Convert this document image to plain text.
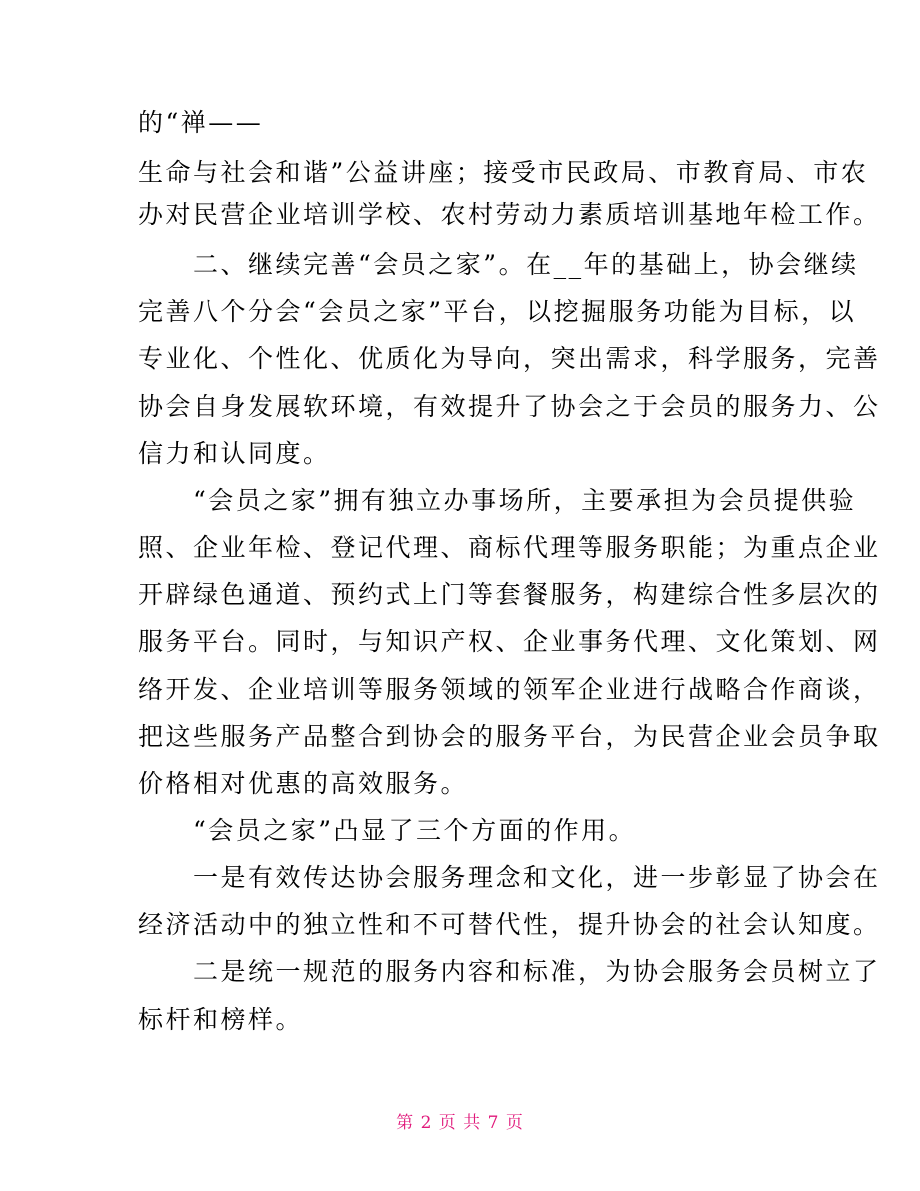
的“禅——
生命与社会和谐”公益讲座；接受市民政局、市教育局、市农
办对民营企业培训学校、农村劳动力素质培训基地年检工作。
　　二、继续完善“会员之家”。在__年的基础上，协会继续
完善八个分会“会员之家”平台，以挖掘服务功能为目标，以
专业化、个性化、优质化为导向，突出需求，科学服务，完善
协会自身发展软环境，有效提升了协会之于会员的服务力、公
信力和认同度。
　　“会员之家”拥有独立办事场所，主要承担为会员提供验
照、企业年检、登记代理、商标代理等服务职能；为重点企业
开辟绿色通道、预约式上门等套餐服务，构建综合性多层次的
服务平台。同时，与知识产权、企业事务代理、文化策划、网
络开发、企业培训等服务领域的领军企业进行战略合作商谈，
把这些服务产品整合到协会的服务平台，为民营企业会员争取
价格相对优惠的高效服务。
　　“会员之家”凸显了三个方面的作用。
　　一是有效传达协会服务理念和文化，进一步彰显了协会在
经济活动中的独立性和不可替代性，提升协会的社会认知度。
　　二是统一规范的服务内容和标准，为协会服务会员树立了
标杆和榜样。
第 2 页 共 7 页
